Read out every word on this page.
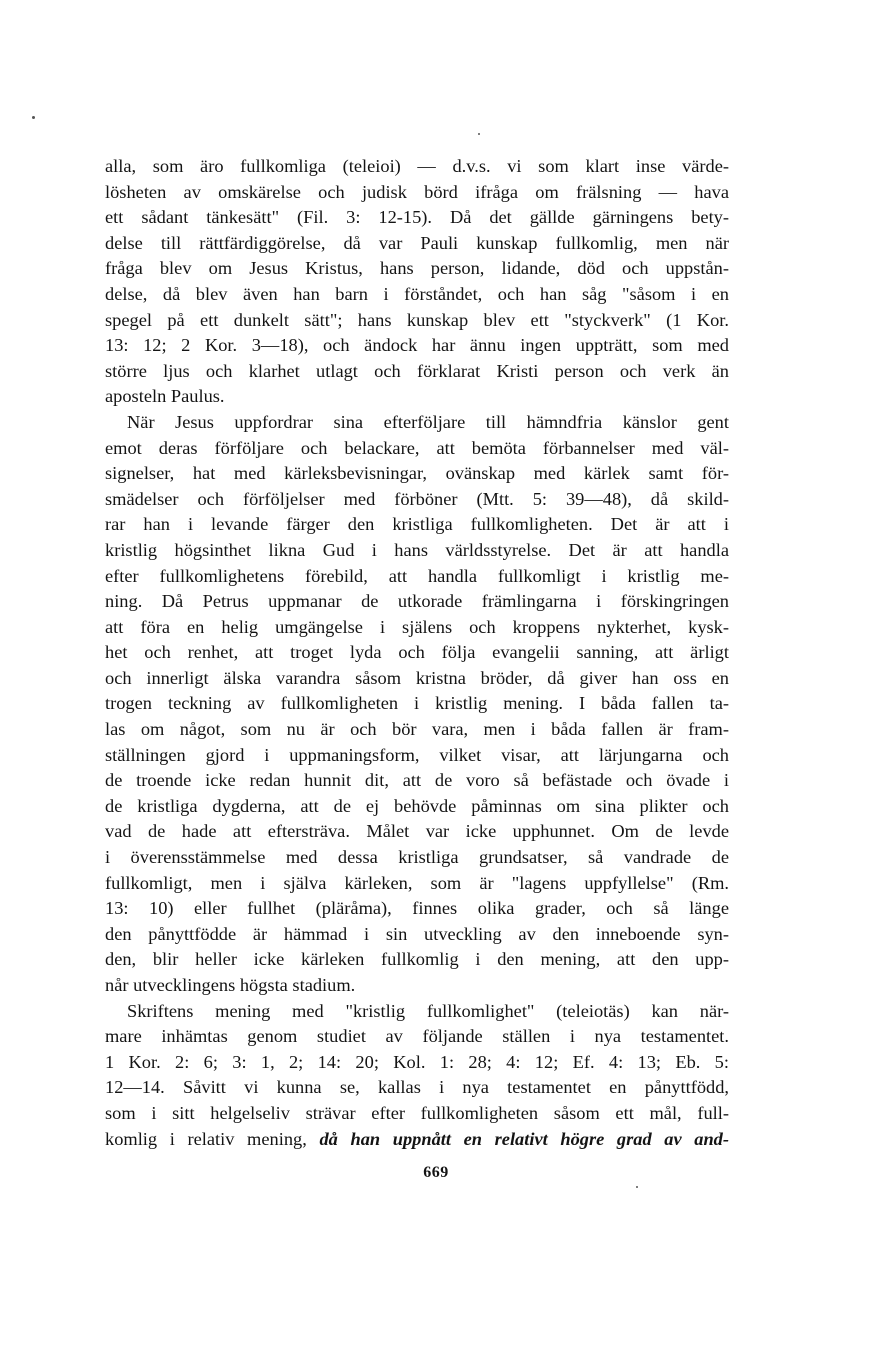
alla, som äro fullkomliga (teleioi) — d.v.s. vi som klart inse värde-
lösheten av omskärelse och judisk börd ifråga om frälsning — hava
ett sådant tänkesätt" (Fil. 3: 12-15). Då det gällde gärningens bety-
delse till rättfärdiggörelse, då var Pauli kunskap fullkomlig, men när
fråga blev om Jesus Kristus, hans person, lidande, död och uppstån-
delse, då blev även han barn i förståndet, och han såg "såsom i en
spegel på ett dunkelt sätt"; hans kunskap blev ett "styckverk" (1 Kor.
13: 12; 2 Kor. 3—18), och ändock har ännu ingen uppträtt, som med
större ljus och klarhet utlagt och förklarat Kristi person och verk än
aposteln Paulus.
När Jesus uppfordrar sina efterföljare till hämndfria känslor gent
emot deras förföljare och belackare, att bemöta förbannelser med väl-
signelser, hat med kärleksbevisningar, ovänskap med kärlek samt för-
smädelser och förföljelser med förböner (Mtt. 5: 39—48), då skild-
rar han i levande färger den kristliga fullkomligheten. Det är att i
kristlig högsinthet likna Gud i hans världsstyrelse. Det är att handla
efter fullkomlighetens förebild, att handla fullkomligt i kristlig me-
ning. Då Petrus uppmanar de utkorade främlingarna i förskingringen
att föra en helig umgängelse i själens och kroppens nykterhet, kysk-
het och renhet, att troget lyda och följa evangelii sanning, att ärligt
och innerligt älska varandra såsom kristna bröder, då giver han oss en
trogen teckning av fullkomligheten i kristlig mening. I båda fallen ta-
las om något, som nu är och bör vara, men i båda fallen är fram-
ställningen gjord i uppmaningsform, vilket visar, att lärjungarna och
de troende icke redan hunnit dit, att de voro så befästade och övade i
de kristliga dygderna, att de ej behövde påminnas om sina plikter och
vad de hade att eftersträva. Målet var icke upphunnet. Om de levde
i överensstämmelse med dessa kristliga grundsatser, så vandrade de
fullkomligt, men i själva kärleken, som är "lagens uppfyllelse" (Rm.
13: 10) eller fullhet (pläråma), finnes olika grader, och så länge
den pånyttfödde är hämmad i sin utveckling av den inneboende syn-
den, blir heller icke kärleken fullkomlig i den mening, att den upp-
når utvecklingens högsta stadium.
Skriftens mening med "kristlig fullkomlighet" (teleiotäs) kan när-
mare inhämtas genom studiet av följande ställen i nya testamentet.
1 Kor. 2: 6; 3: 1, 2; 14: 20; Kol. 1: 28; 4: 12; Ef. 4: 13; Eb. 5:
12—14. Såvitt vi kunna se, kallas i nya testamentet en pånyttfödd,
som i sitt helgelseliv strävar efter fullkomligheten såsom ett mål, full-
komlig i relativ mening, då han uppnått en relativt högre grad av and-
669
